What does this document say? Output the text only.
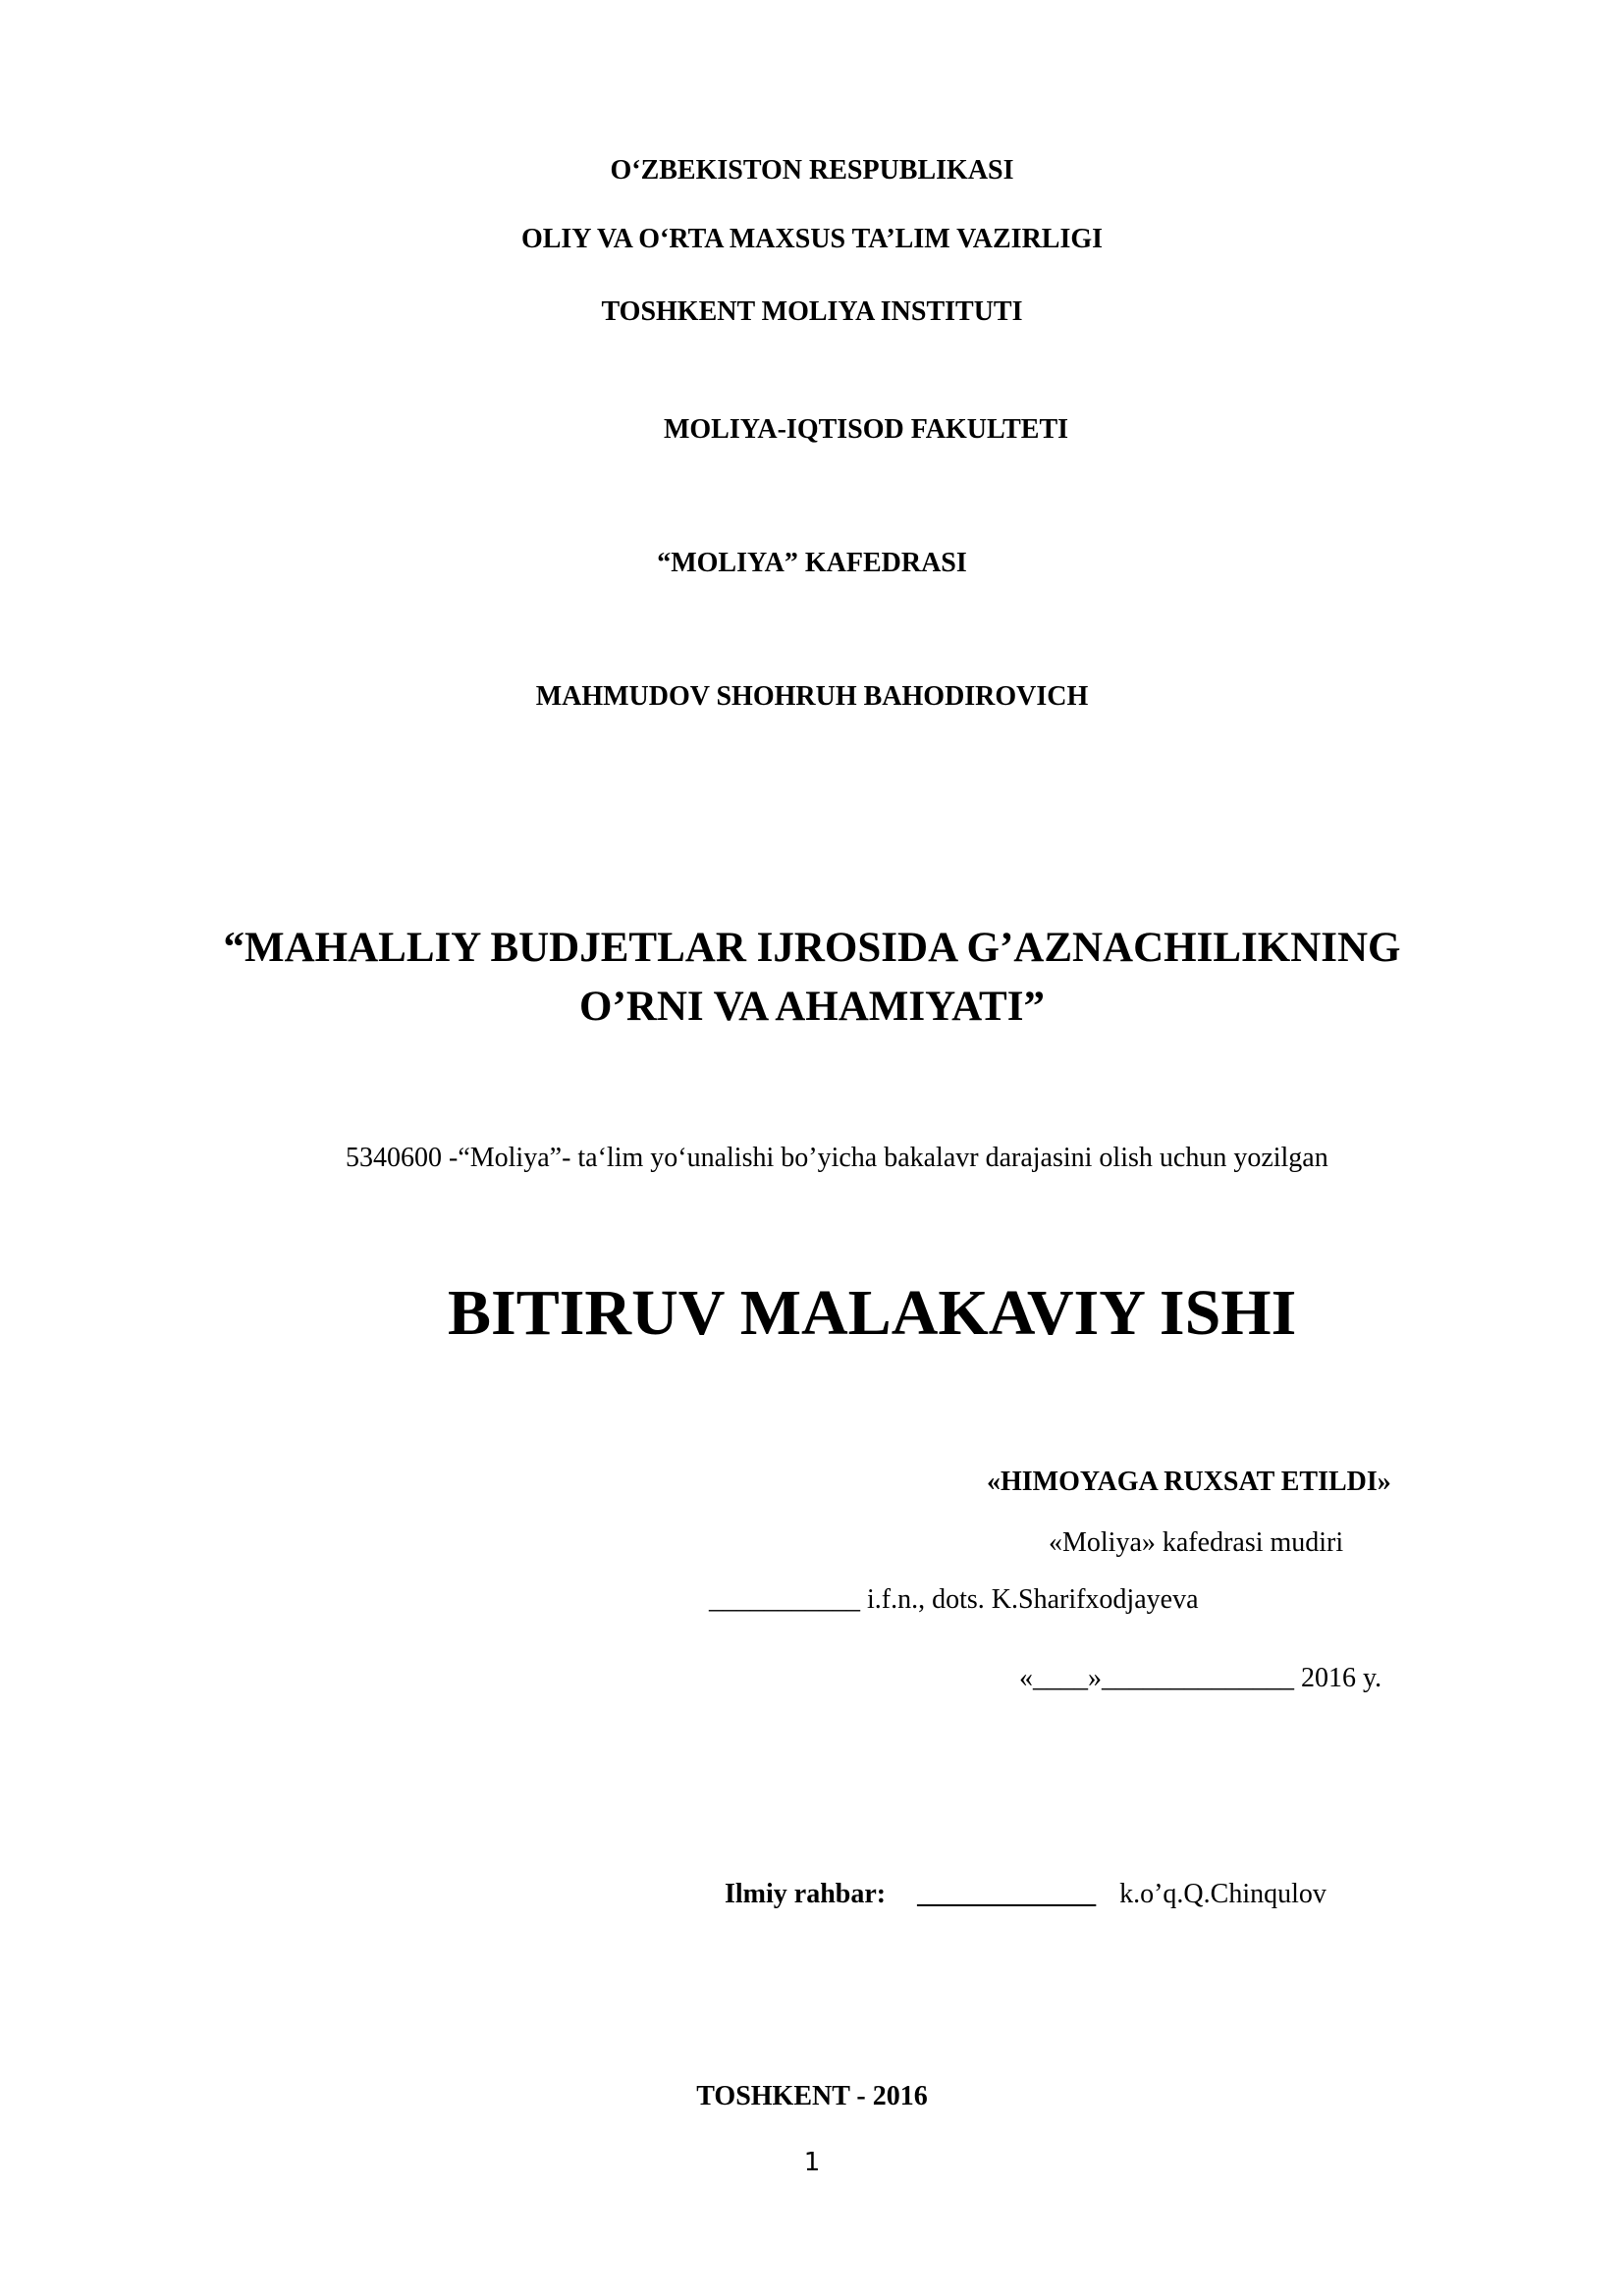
O‘ZBEKISTON RESPUBLIKASI
OLIY VA O‘RTA MAXSUS TA’LIM VAZIRLIGI
TOSHKENT MOLIYA INSTITUTI
MOLIYA-IQTISOD FAKULTETI
“MOLIYA” KAFEDRASI
MAHMUDOV SHOHRUH BAHODIROVICH
“MAHALLIY BUDJETLAR IJROSIDA G’AZNACHILIKNING
O’RNI VA AHAMIYATI”
5340600 -“Moliya”- ta‘lim yo‘unalishi bo’yicha bakalavr darajasini olish uchun yozilgan
BITIRUV MALAKAVIY ISHI
«HIMOYAGA RUXSAT ETILDI»
«Moliya» kafedrasi mudiri
___________ i.f.n., dots. K.Sharifxodjayeva
«____»______________ 2016 y.
Ilmiy rahbar: _____________ k.o’q.Q.Chinqulov
TOSHKENT - 2016
1
